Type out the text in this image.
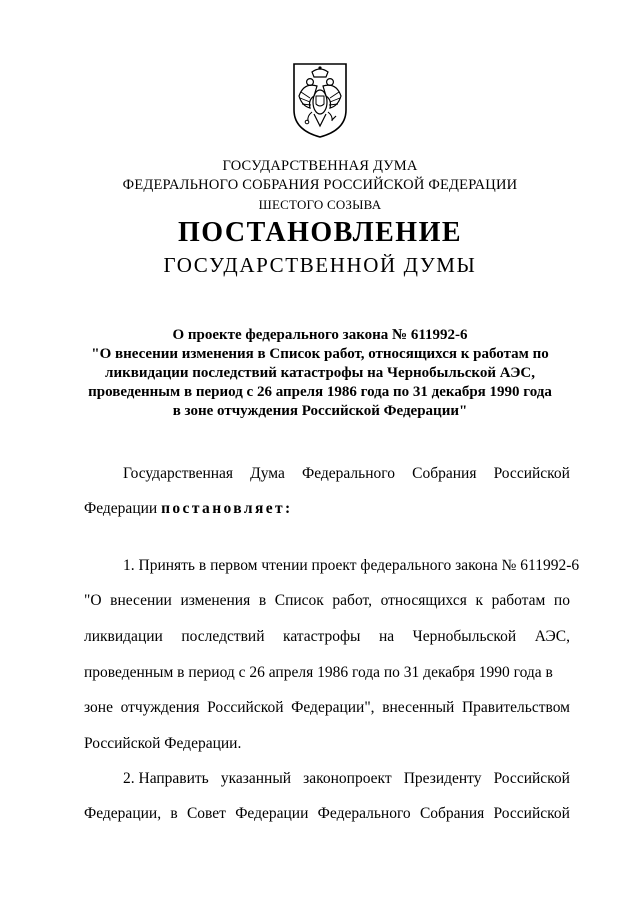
ГОСУДАРСТВЕННАЯ ДУМА
ФЕДЕРАЛЬНОГО СОБРАНИЯ РОССИЙСКОЙ ФЕДЕРАЦИИ
ШЕСТОГО СОЗЫВА
ПОСТАНОВЛЕНИЕ
ГОСУДАРСТВЕННОЙ ДУМЫ
О проекте федерального закона № 611992-6
"О внесении изменения в Список работ, относящихся к работам по
ликвидации последствий катастрофы на Чернобыльской АЭС,
проведенным в период с 26 апреля 1986 года по 31 декабря 1990 года
в зоне отчуждения Российской Федерации"
Государственная Дума Федерального Собрания Российской
Федерации постановляет:
1. Принять в первом чтении проект федерального закона № 611992-6
"О внесении изменения в Список работ, относящихся к работам по
ликвидации последствий катастрофы на Чернобыльской АЭС,
проведенным в период с 26 апреля 1986 года по 31 декабря 1990 года в
зоне отчуждения Российской Федерации", внесенный Правительством
Российской Федерации.
2. Направить указанный законопроект Президенту Российской
Федерации, в Совет Федерации Федерального Собрания Российской
